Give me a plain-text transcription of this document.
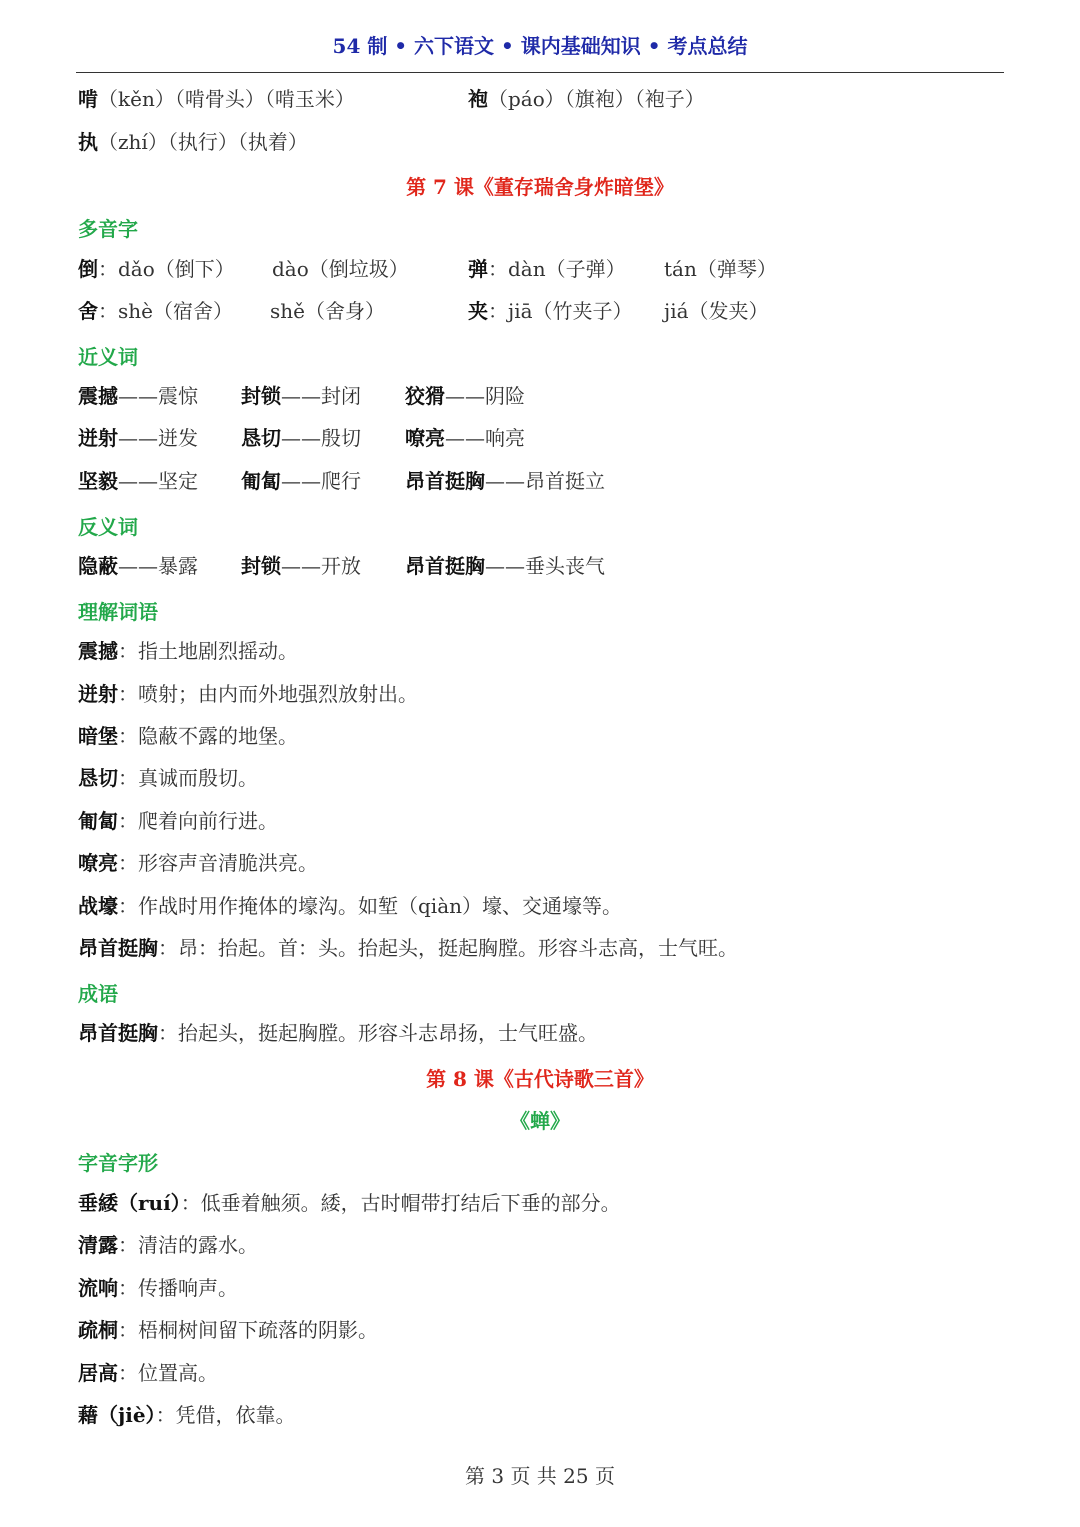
54 制 • 六下语文 • 课内基础知识 • 考点总结
啃（kěn）（啃骨头）（啃玉米）	袍（páo）（旗袍）（袍子）
执（zhí）（执行）（执着）
第 7 课《董存瑞舍身炸暗堡》
多音字
倒：dǎo（倒下） dào（倒垃圾）	弹：dàn（子弹） tán（弹琴）
舍：shè（宿舍） shě（舍身）	夹：jiā（竹夹子） jiá（发夹）
近义词
震撼——震惊 封锁——封闭 狡猾——阴险
迸射——迸发 恳切——殷切 嘹亮——响亮
坚毅——坚定 匍匐——爬行 昂首挺胸——昂首挺立
反义词
隐蔽——暴露 封锁——开放 昂首挺胸——垂头丧气
理解词语
震撼：指土地剧烈摇动。
迸射：喷射；由内而外地强烈放射出。
暗堡：隐蔽不露的地堡。
恳切：真诚而殷切。
匍匐：爬着向前行进。
嘹亮：形容声音清脆洪亮。
战壕：作战时用作掩体的壕沟。如堑（qiàn）壕、交通壕等。
昂首挺胸：昂：抬起。首：头。抬起头，挺起胸膛。形容斗志高，士气旺。
成语
昂首挺胸：抬起头，挺起胸膛。形容斗志昂扬，士气旺盛。
第 8 课《古代诗歌三首》
《蝉》
字音字形
垂緌（ruí）：低垂着触须。緌，古时帽带打结后下垂的部分。
清露：清洁的露水。
流响：传播响声。
疏桐：梧桐树间留下疏落的阴影。
居高：位置高。
藉（jiè）：凭借，依靠。
第 3 页 共 25 页
